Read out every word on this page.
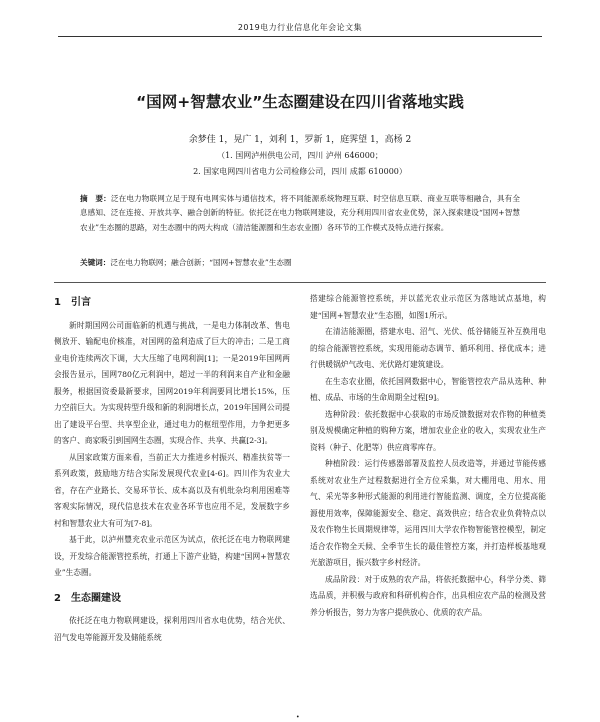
2019电力行业信息化年会论文集
“国网+智慧农业”生态圈建设在四川省落地实践
余梦佳 1，晃广 1，刘利 1，罗新 1，庭霁望 1，高杨 2
（1. 国网泸州供电公司，四川 泸州 646000；
2. 国家电网四川省电力公司检修公司，四川 成都 610000）
摘　要：泛在电力物联网立足于现有电网实体与通信技术，将不同能源系统物理互联、时空信息互联、商业互联等相融合，具有全息感知、泛在连接、开放共享、融合创新的特征。依托泛在电力物联网建设，充分利用四川省农业优势，深入探索建设“国网+智慧农业”生态圈的思路，对生态圈中的两大构成（清洁能源圈和生态农业圈）各环节的工作模式及特点进行探索。
关键词：泛在电力物联网；融合创新；“国网+智慧农业”生态圈
1　引言

新时期国网公司面临新的机遇与挑战，一是电力体制改革、售电侧放开、输配电价核准，对国网的盈利造成了巨大的冲击；二是工商业电价连续两次下调，大大压缩了电网利润[1]；一是2019年国网两会报告显示，国网780亿元利润中，超过一半的利润来自产业和金融服务，根据国资委最新要求，国网2019年利润要同比增长15%，压力空前巨大。为实现转型升级和新的利润增长点，2019年国网公司提出了建设平台型、共享型企业，通过电力的枢纽型作用，力争把更多的客户、商家吸引到国网生态圈，实现合作、共享、共赢[2-3]。

从国家政策方面来看，当前正大力推进乡村振兴、精准扶贫等一系列政策，鼓励地方结合实际发展现代农业[4-6]。四川作为农业大省，存在产业路长、交易环节长、成本高以及有机纰杂均利用困难等客观实际情况，现代信息技术在农业各环节也应用不足，发展数字乡村和智慧农业大有可为[7-8]。

基于此，以泸州豐充农业示范区为试点，依托泛在电力物联网建设，开发综合能源管控系统，打通上下游产业链，构建“国网+智慧农业”生态圈。

2　生态圈建设

依托泛在电力物联网建设，探利用四川省水电优势，结合光伏、沼气发电等能源开发及储能系统

搭建综合能源管控系统，并以蓝光农业示范区为落地试点基地，构建“国网+智慧农业”生态圈，如图1所示。

在清洁能源圈，搭建水电、沼气、光伏、低谷储能互补互换用电的综合能源管控系统，实现用能动态调节、循环利用、择优成本；进行供暖锅炉气改电、光伏路灯建筑建设。

在生态农业圈，依托国网数据中心，智能管控农产品从选种、种植、成品、市场的生命周期全过程[9]。

选种阶段：依托数据中心获取的市场反馈数据对农作物的种植类别及规模确定种植的购种方案，增加农业企业的收入，实现农业生产资料（种子、化肥等）供应商零库存。

种植阶段：运行传感器部署及监控人员改造等，并通过节能传感系统对农业生产过程数据进行全方位采集，对大棚用电、用水、用气、采光等多种形式能源的利用进行智能监测、调度，全方位提高能源使用效率，保障能源安全、稳定、高效供应；结合农业负荷特点以及农作物生长周期规律等，运用四川大学农作物智能管控模型，制定适合农作物全天候、全季节生长的最佳管控方案，并打造样板基地观光旅游项目，振兴数字乡村经济。

成品阶段：对于成熟的农产品，将依托数据中心，科学分类、筛选品质，并积极与政府和科研机构合作，出具相应农产品的检测及营养分析报告，努力为客户提供放心、优质的农产品。

•
